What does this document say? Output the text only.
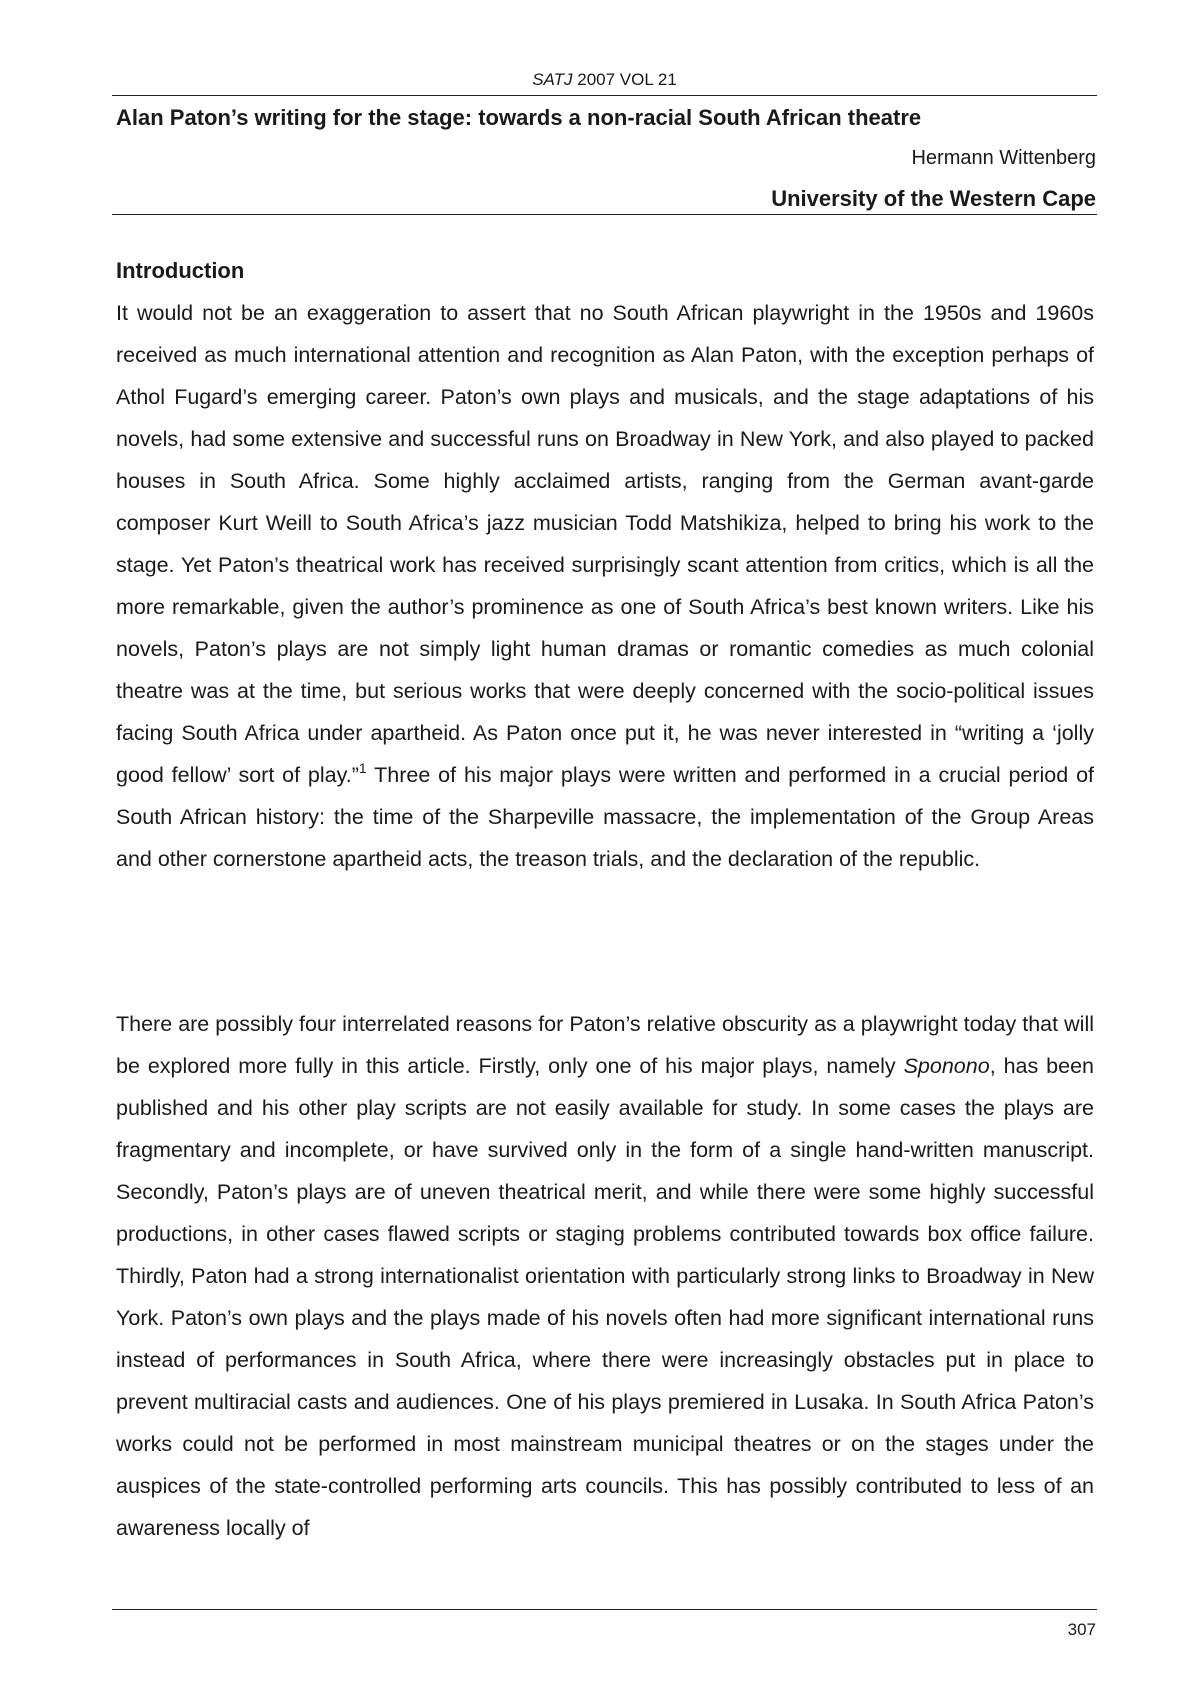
SATJ 2007 VOL 21
Alan Paton’s writing for the stage: towards a non-racial South African theatre
Hermann Wittenberg
University of the Western Cape
Introduction

It would not be an exaggeration to assert that no South African playwright in the 1950s and 1960s received as much international attention and recognition as Alan Paton, with the exception perhaps of Athol Fugard’s emerging career. Paton’s own plays and musicals, and the stage adaptations of his novels, had some extensive and successful runs on Broadway in New York, and also played to packed houses in South Africa. Some highly acclaimed artists, ranging from the German avant-garde composer Kurt Weill to South Africa’s jazz musician Todd Matshikiza, helped to bring his work to the stage. Yet Paton’s theatrical work has received surprisingly scant attention from critics, which is all the more remarkable, given the author’s prominence as one of South Africa’s best known writers. Like his novels, Paton’s plays are not simply light human dramas or romantic comedies as much colonial theatre was at the time, but serious works that were deeply concerned with the socio-political issues facing South Africa under apartheid. As Paton once put it, he was never interested in “writing a ‘jolly good fellow’ sort of play.”$^1$ Three of his major plays were written and performed in a crucial period of South African history: the time of the Sharpeville massacre, the implementation of the Group Areas and other cornerstone apartheid acts, the treason trials, and the declaration of the republic.

There are possibly four interrelated reasons for Paton’s relative obscurity as a playwright today that will be explored more fully in this article. Firstly, only one of his major plays, namely Sponono, has been published and his other play scripts are not easily available for study. In some cases the plays are fragmentary and incomplete, or have survived only in the form of a single hand-written manuscript. Secondly, Paton’s plays are of uneven theatrical merit, and while there were some highly successful productions, in other cases flawed scripts or staging problems contributed towards box office failure. Thirdly, Paton had a strong internationalist orientation with particularly strong links to Broadway in New York. Paton’s own plays and the plays made of his novels often had more significant international runs instead of performances in South Africa, where there were increasingly obstacles put in place to prevent multiracial casts and audiences. One of his plays premiered in Lusaka. In South Africa Paton’s works could not be performed in most mainstream municipal theatres or on the stages under the auspices of the state-controlled performing arts councils. This has possibly contributed to less of an awareness locally of

307
